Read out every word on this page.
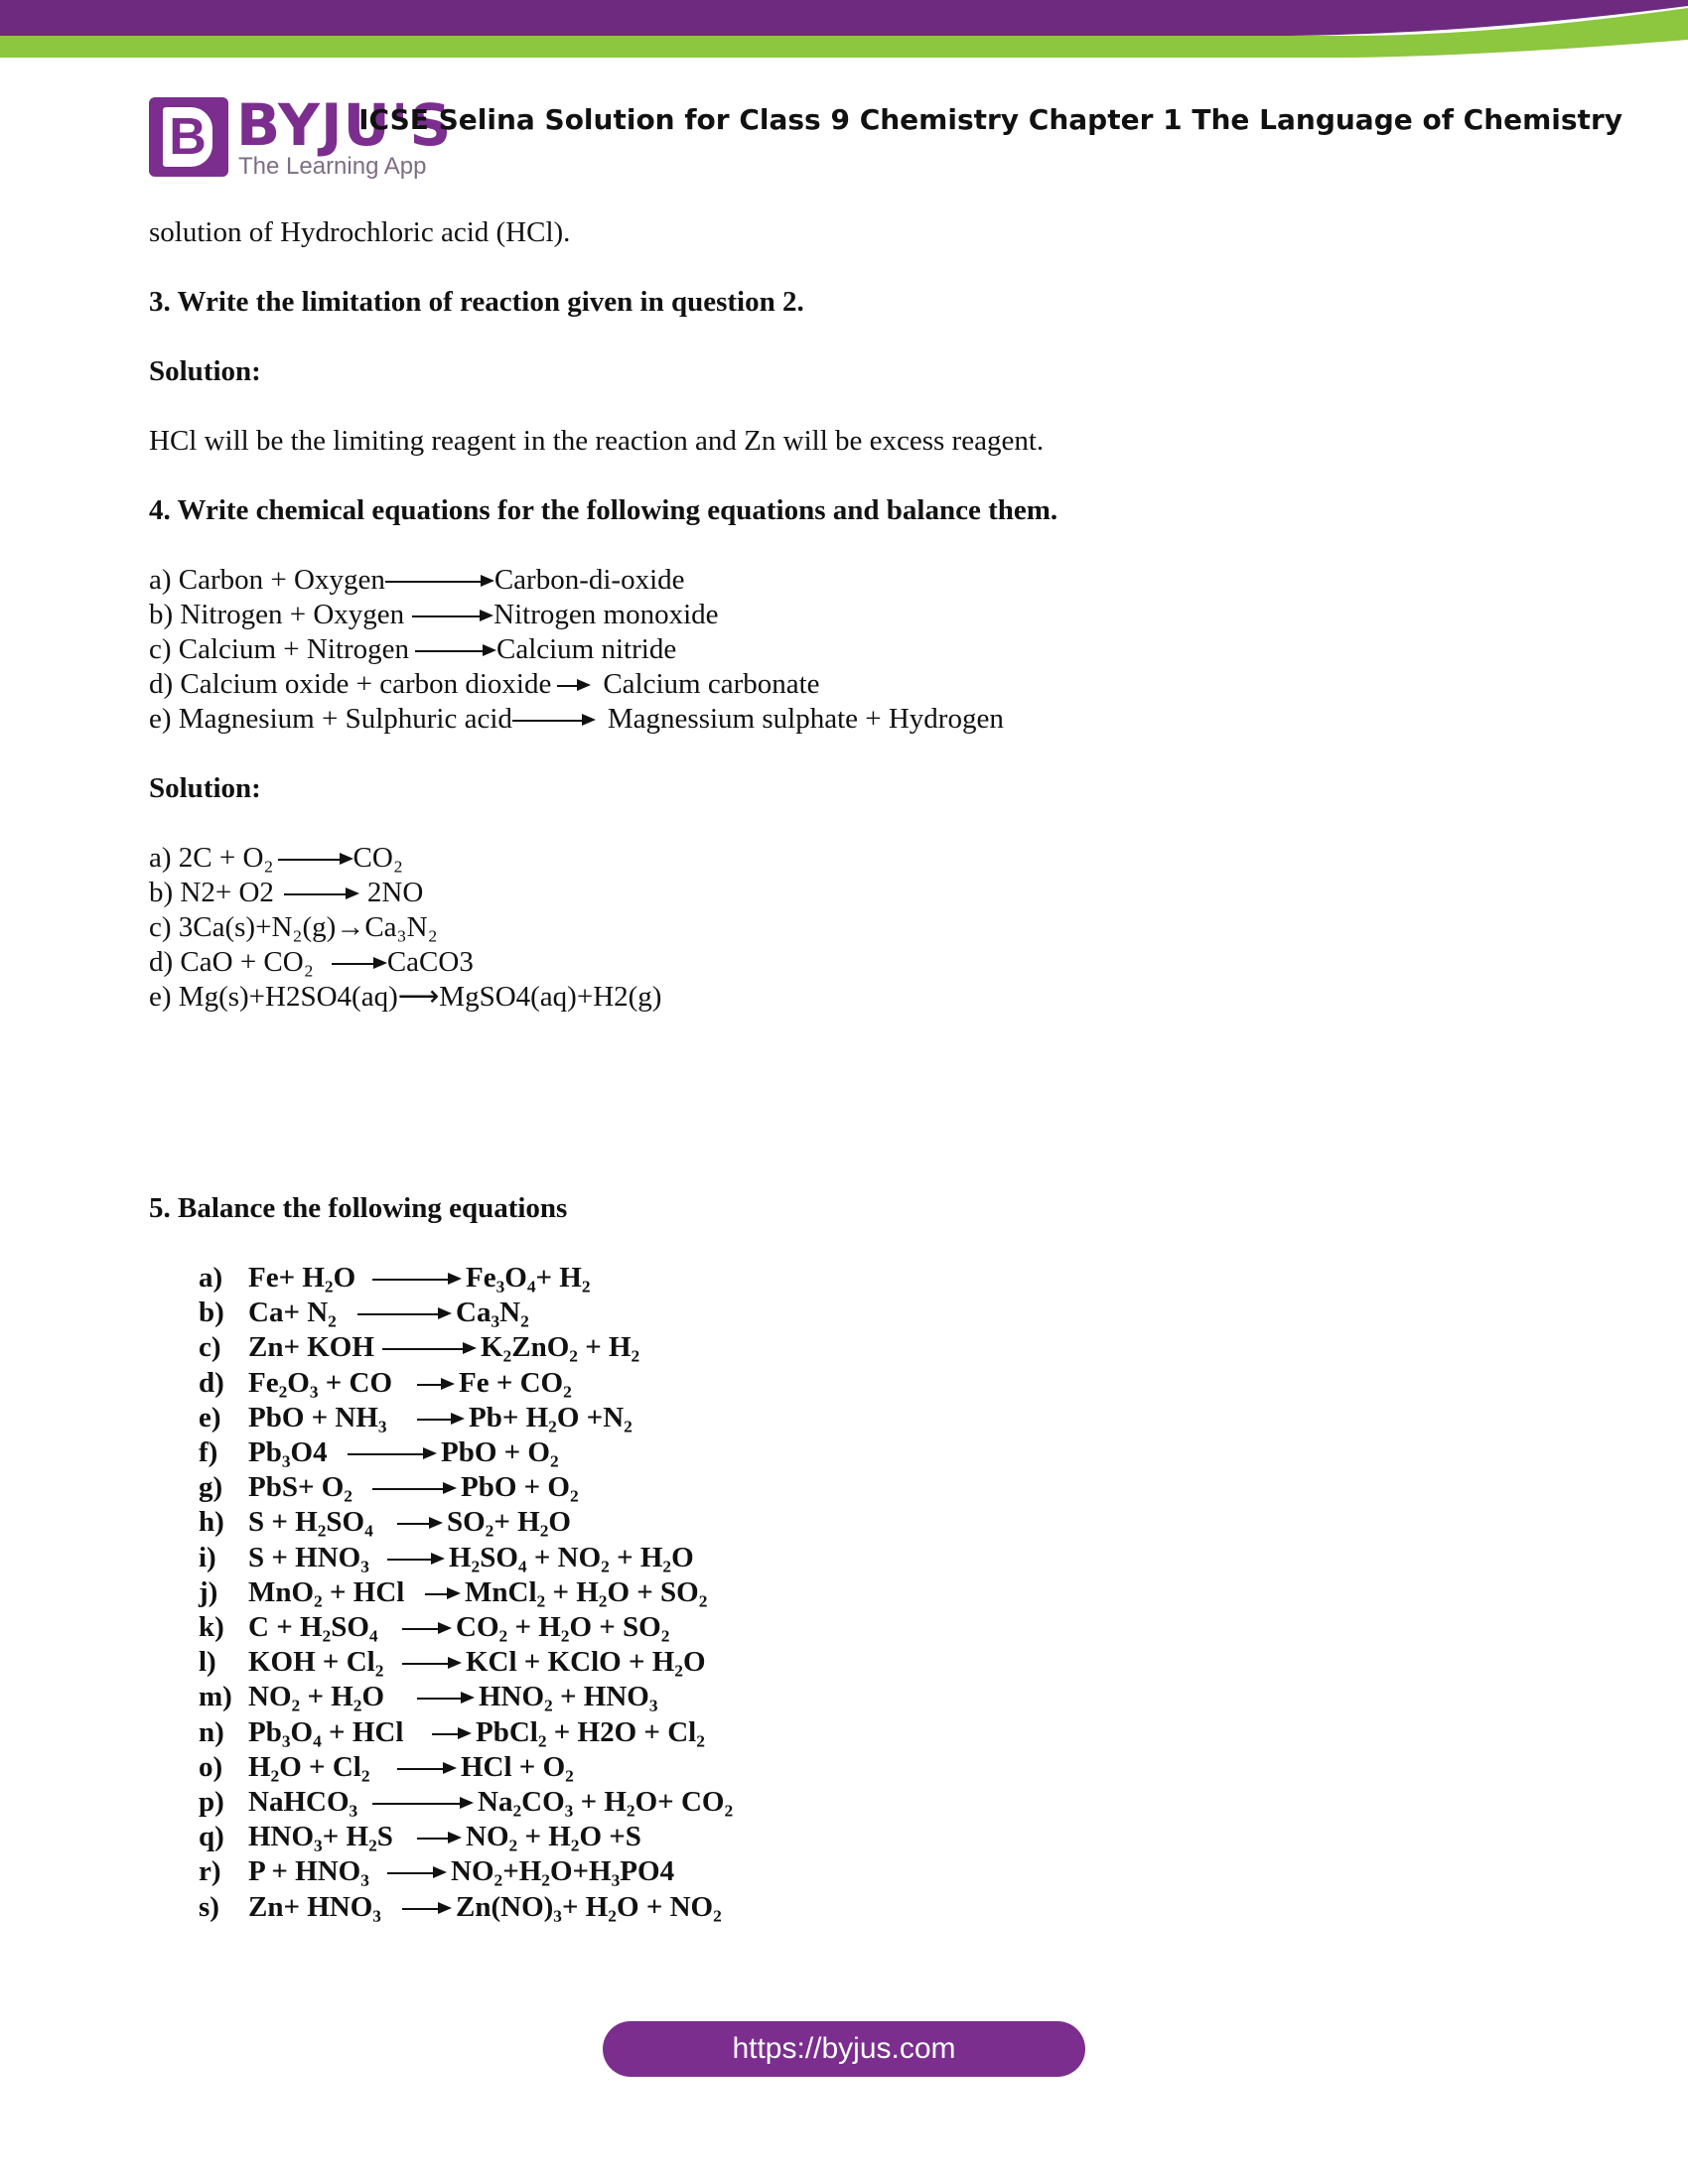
B BYJU'S
The Learning App
ICSE Selina Solution for Class 9 Chemistry Chapter 1 The Language of Chemistry
solution of Hydrochloric acid (HCl).
3. Write the limitation of reaction given in question 2.
Solution:
HCl will be the limiting reagent in the reaction and Zn will be excess reagent.
4. Write chemical equations for the following equations and balance them.
a) Carbon + Oxygen	Carbon-di-oxide
b) Nitrogen + Oxygen	Nitrogen monoxide
c) Calcium + Nitrogen	Calcium nitride
d) Calcium oxide + carbon dioxide Calcium carbonate
e) Magnesium + Sulphuric acid	Magnessium sulphate + Hydrogen
Solution:
a) 2C + O₂	CO₂
b) N2+ O2	2NO
c) 3Ca(s)+N₂(g)→Ca₃N₂
d) CaO + CO₂	CaCO3
e) Mg(s)+H2SO4(aq)⟶MgSO4(aq)+H2(g)
5. Balance the following equations
a) Fe+ H₂O	Fe₃O₄+ H₂
b) Ca+ N₂	Ca₃N₂
c) Zn+ KOH	K₂ZnO₂ + H₂
d) Fe₂O₃ + CO Fe + CO₂
e) PbO + NH₃	Pb+ H₂O +N₂
f) Pb₃O4	PbO + O₂
g) PbS+ O₂	PbO + O₂
h) S + H₂SO₄	SO₂+ H₂O
i) S + HNO₃	H₂SO₄ + NO₂ + H₂O
j) MnO₂ + HCl MnCl₂ + H₂O + SO₂
k) C + H₂SO₄	CO₂ + H₂O + SO₂
l) KOH + Cl₂	KCl + KClO + H₂O
m) NO₂ + H₂O	HNO₂ + HNO₃
n) Pb₃O₄ + HCl	PbCl₂ + H2O + Cl₂
o) H₂O + Cl₂	HCl + O₂
p) NaHCO₃	Na₂CO₃ + H₂O+ CO₂
q) HNO₃+ H₂S	NO₂ + H₂O +S
r) P + HNO₃	NO₂+H₂O+H₃PO4
s) Zn+ HNO₃	Zn(NO)₃+ H₂O + NO₂
https://byjus.com
